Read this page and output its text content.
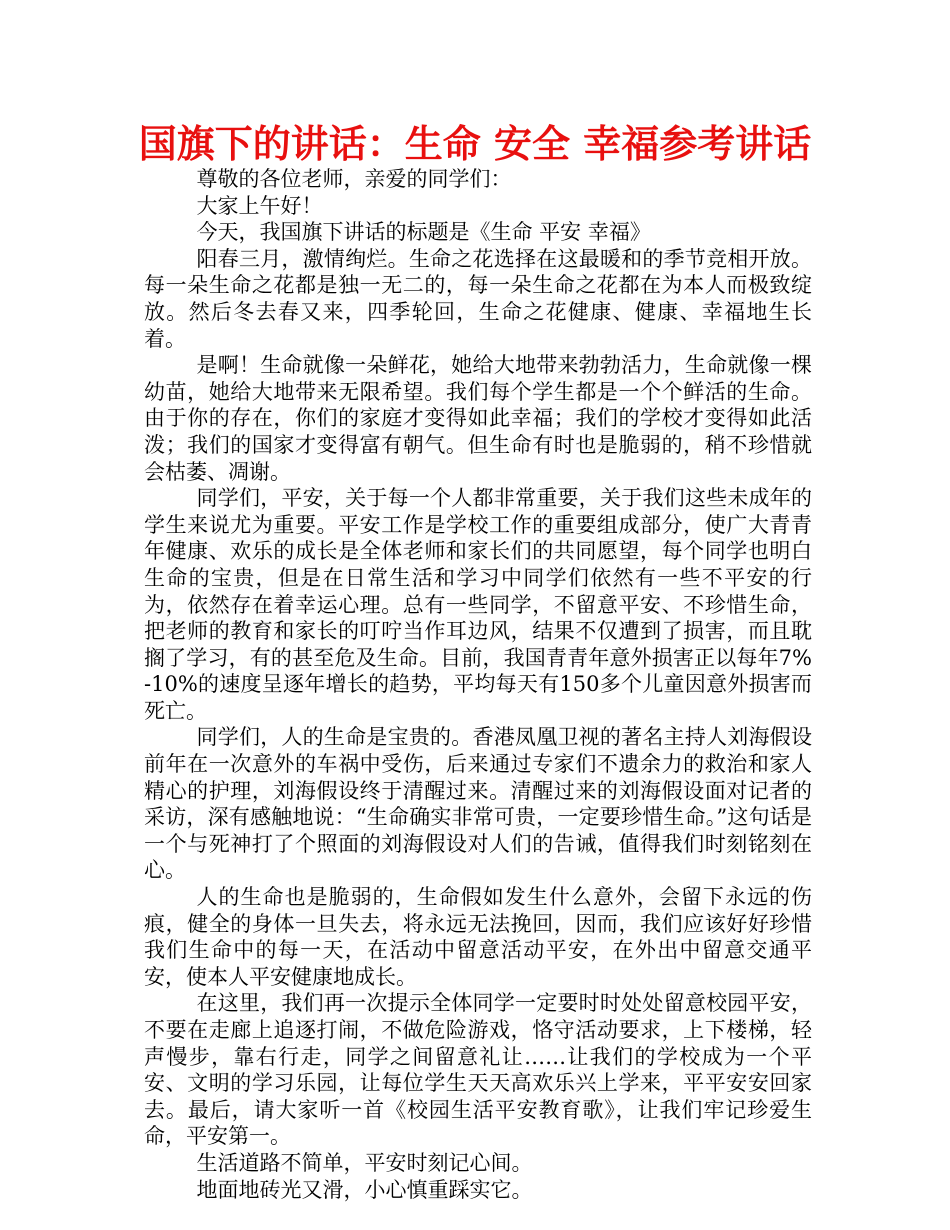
国旗下的讲话：生命 安全 幸福参考讲话

尊敬的各位老师，亲爱的同学们：

大家上午好！

今天，我国旗下讲话的标题是《生命 平安 幸福》

阳春三月，激情绚烂。生命之花选择在这最暖和的季节竞相开放。每一朵生命之花都是独一无二的，每一朵生命之花都在为本人而极致绽放。然后冬去春又来，四季轮回，生命之花健康、健康、幸福地生长着。

是啊！生命就像一朵鲜花，她给大地带来勃勃活力，生命就像一棵幼苗，她给大地带来无限希望。我们每个学生都是一个个鲜活的生命。由于你的存在，你们的家庭才变得如此幸福；我们的学校才变得如此活泼；我们的国家才变得富有朝气。但生命有时也是脆弱的，稍不珍惜就会枯萎、凋谢。

同学们，平安，关于每一个人都非常重要，关于我们这些未成年的学生来说尤为重要。平安工作是学校工作的重要组成部分，使广大青青年健康、欢乐的成长是全体老师和家长们的共同愿望，每个同学也明白生命的宝贵，但是在日常生活和学习中同学们依然有一些不平安的行为，依然存在着幸运心理。总有一些同学，不留意平安、不珍惜生命，把老师的教育和家长的叮咛当作耳边风，结果不仅遭到了损害，而且耽搁了学习，有的甚至危及生命。目前，我国青青年意外损害正以每年7%-10%的速度呈逐年增长的趋势，平均每天有150多个儿童因意外损害而死亡。

同学们，人的生命是宝贵的。香港凤凰卫视的著名主持人刘海假设前年在一次意外的车祸中受伤，后来通过专家们不遗余力的救治和家人精心的护理，刘海假设终于清醒过来。清醒过来的刘海假设面对记者的采访，深有感触地说：“生命确实非常可贵，一定要珍惜生命。”这句话是一个与死神打了个照面的刘海假设对人们的告诫，值得我们时刻铭刻在心。

人的生命也是脆弱的，生命假如发生什么意外，会留下永远的伤痕，健全的身体一旦失去，将永远无法挽回，因而，我们应该好好珍惜我们生命中的每一天，在活动中留意活动平安，在外出中留意交通平安，使本人平安健康地成长。

在这里，我们再一次提示全体同学一定要时时处处留意校园平安，不要在走廊上追逐打闹，不做危险游戏，恪守活动要求，上下楼梯，轻声慢步，靠右行走，同学之间留意礼让……让我们的学校成为一个平安、文明的学习乐园，让每位学生天天高欢乐兴上学来，平平安安回家去。最后，请大家听一首《校园生活平安教育歌》，让我们牢记珍爱生命，平安第一。

生活道路不简单，平安时刻记心间。

地面地砖光又滑，小心慎重踩实它。
